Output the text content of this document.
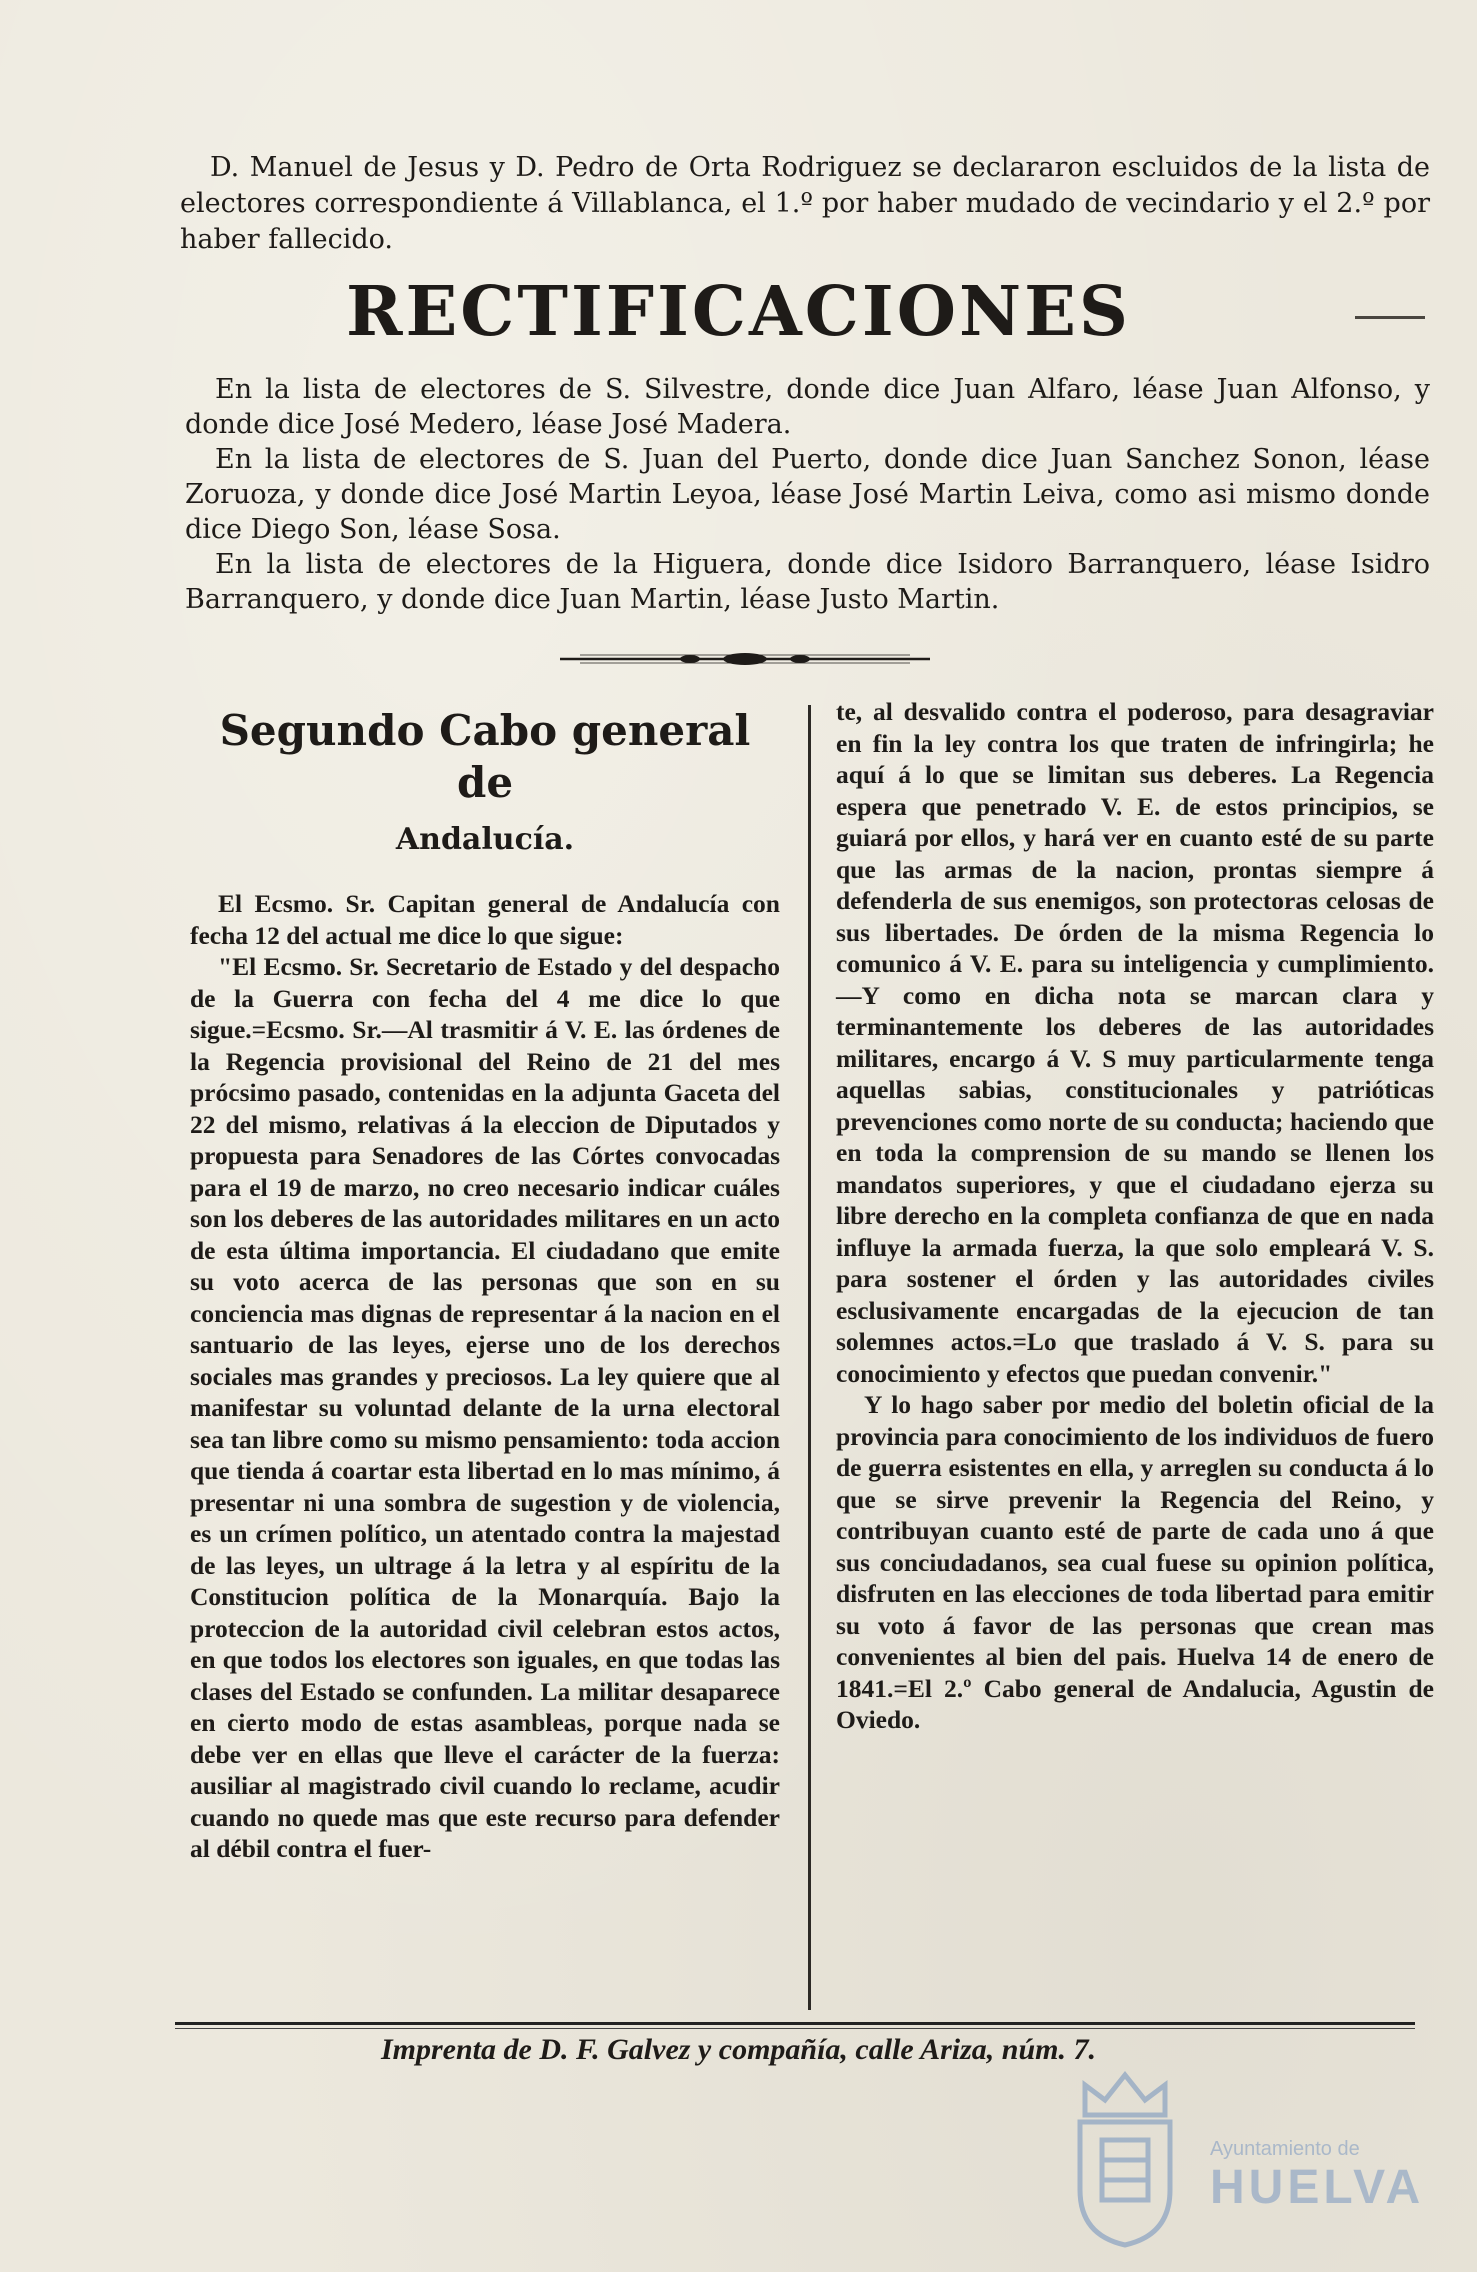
D. Manuel de Jesus y D. Pedro de Orta Rodriguez se declararon escluidos de la lista de electores correspondiente á Villablanca, el 1.º por haber mudado de vecindario y el 2.º por haber fallecido.

RECTIFICACIONES

En la lista de electores de S. Silvestre, donde dice Juan Alfaro, léase Juan Alfonso, y donde dice José Medero, léase José Madera.

En la lista de electores de S. Juan del Puerto, donde dice Juan Sanchez Sonon, léase Zoruoza, y donde dice José Martin Leyoa, léase José Martin Leiva, como asi mismo donde dice Diego Son, léase Sosa.

En la lista de electores de la Higuera, donde dice Isidoro Barranquero, léase Isidro Barranquero, y donde dice Juan Martin, léase Justo Martin.

Segundo Cabo general de
Andalucía.

El Ecsmo. Sr. Capitan general de Andalucía con fecha 12 del actual me dice lo que sigue:

"El Ecsmo. Sr. Secretario de Estado y del despacho de la Guerra con fecha del 4 me dice lo que sigue.=Ecsmo. Sr.—Al trasmitir á V. E. las órdenes de la Regencia provisional del Reino de 21 del mes prócsimo pasado, contenidas en la adjunta Gaceta del 22 del mismo, relativas á la eleccion de Diputados y propuesta para Senadores de las Córtes convocadas para el 19 de marzo, no creo necesario indicar cuáles son los deberes de las autoridades militares en un acto de esta última importancia. El ciudadano que emite su voto acerca de las personas que son en su conciencia mas dignas de representar á la nacion en el santuario de las leyes, ejerse uno de los derechos sociales mas grandes y preciosos. La ley quiere que al manifestar su voluntad delante de la urna electoral sea tan libre como su mismo pensamiento: toda accion que tienda á coartar esta libertad en lo mas mínimo, á presentar ni una sombra de sugestion y de violencia, es un crímen político, un atentado contra la majestad de las leyes, un ultrage á la letra y al espíritu de la Constitucion política de la Monarquía. Bajo la proteccion de la autoridad civil celebran estos actos, en que todos los electores son iguales, en que todas las clases del Estado se confunden. La militar desaparece en cierto modo de estas asambleas, porque nada se debe ver en ellas que lleve el carácter de la fuerza: ausiliar al magistrado civil cuando lo reclame, acudir cuando no quede mas que este recurso para defender al débil contra el fuer-

te, al desvalido contra el poderoso, para desagraviar en fin la ley contra los que traten de infringirla; he aquí á lo que se limitan sus deberes. La Regencia espera que penetrado V. E. de estos principios, se guiará por ellos, y hará ver en cuanto esté de su parte que las armas de la nacion, prontas siempre á defenderla de sus enemigos, son protectoras celosas de sus libertades. De órden de la misma Regencia lo comunico á V. E. para su inteligencia y cumplimiento.—Y como en dicha nota se marcan clara y terminantemente los deberes de las autoridades militares, encargo á V. S muy particularmente tenga aquellas sabias, constitucionales y patrióticas prevenciones como norte de su conducta; haciendo que en toda la comprension de su mando se llenen los mandatos superiores, y que el ciudadano ejerza su libre derecho en la completa confianza de que en nada influye la armada fuerza, la que solo empleará V. S. para sostener el órden y las autoridades civiles esclusivamente encargadas de la ejecucion de tan solemnes actos.=Lo que traslado á V. S. para su conocimiento y efectos que puedan convenir."

Y lo hago saber por medio del boletin oficial de la provincia para conocimiento de los individuos de fuero de guerra esistentes en ella, y arreglen su conducta á lo que se sirve prevenir la Regencia del Reino, y contribuyan cuanto esté de parte de cada uno á que sus conciudadanos, sea cual fuese su opinion política, disfruten en las elecciones de toda libertad para emitir su voto á favor de las personas que crean mas convenientes al bien del pais. Huelva 14 de enero de 1841.=El 2.º Cabo general de Andalucia, Agustin de Oviedo.

Imprenta de D. F. Galvez y compañía, calle Ariza, núm. 7.

Ayuntamiento de
HUELVA
